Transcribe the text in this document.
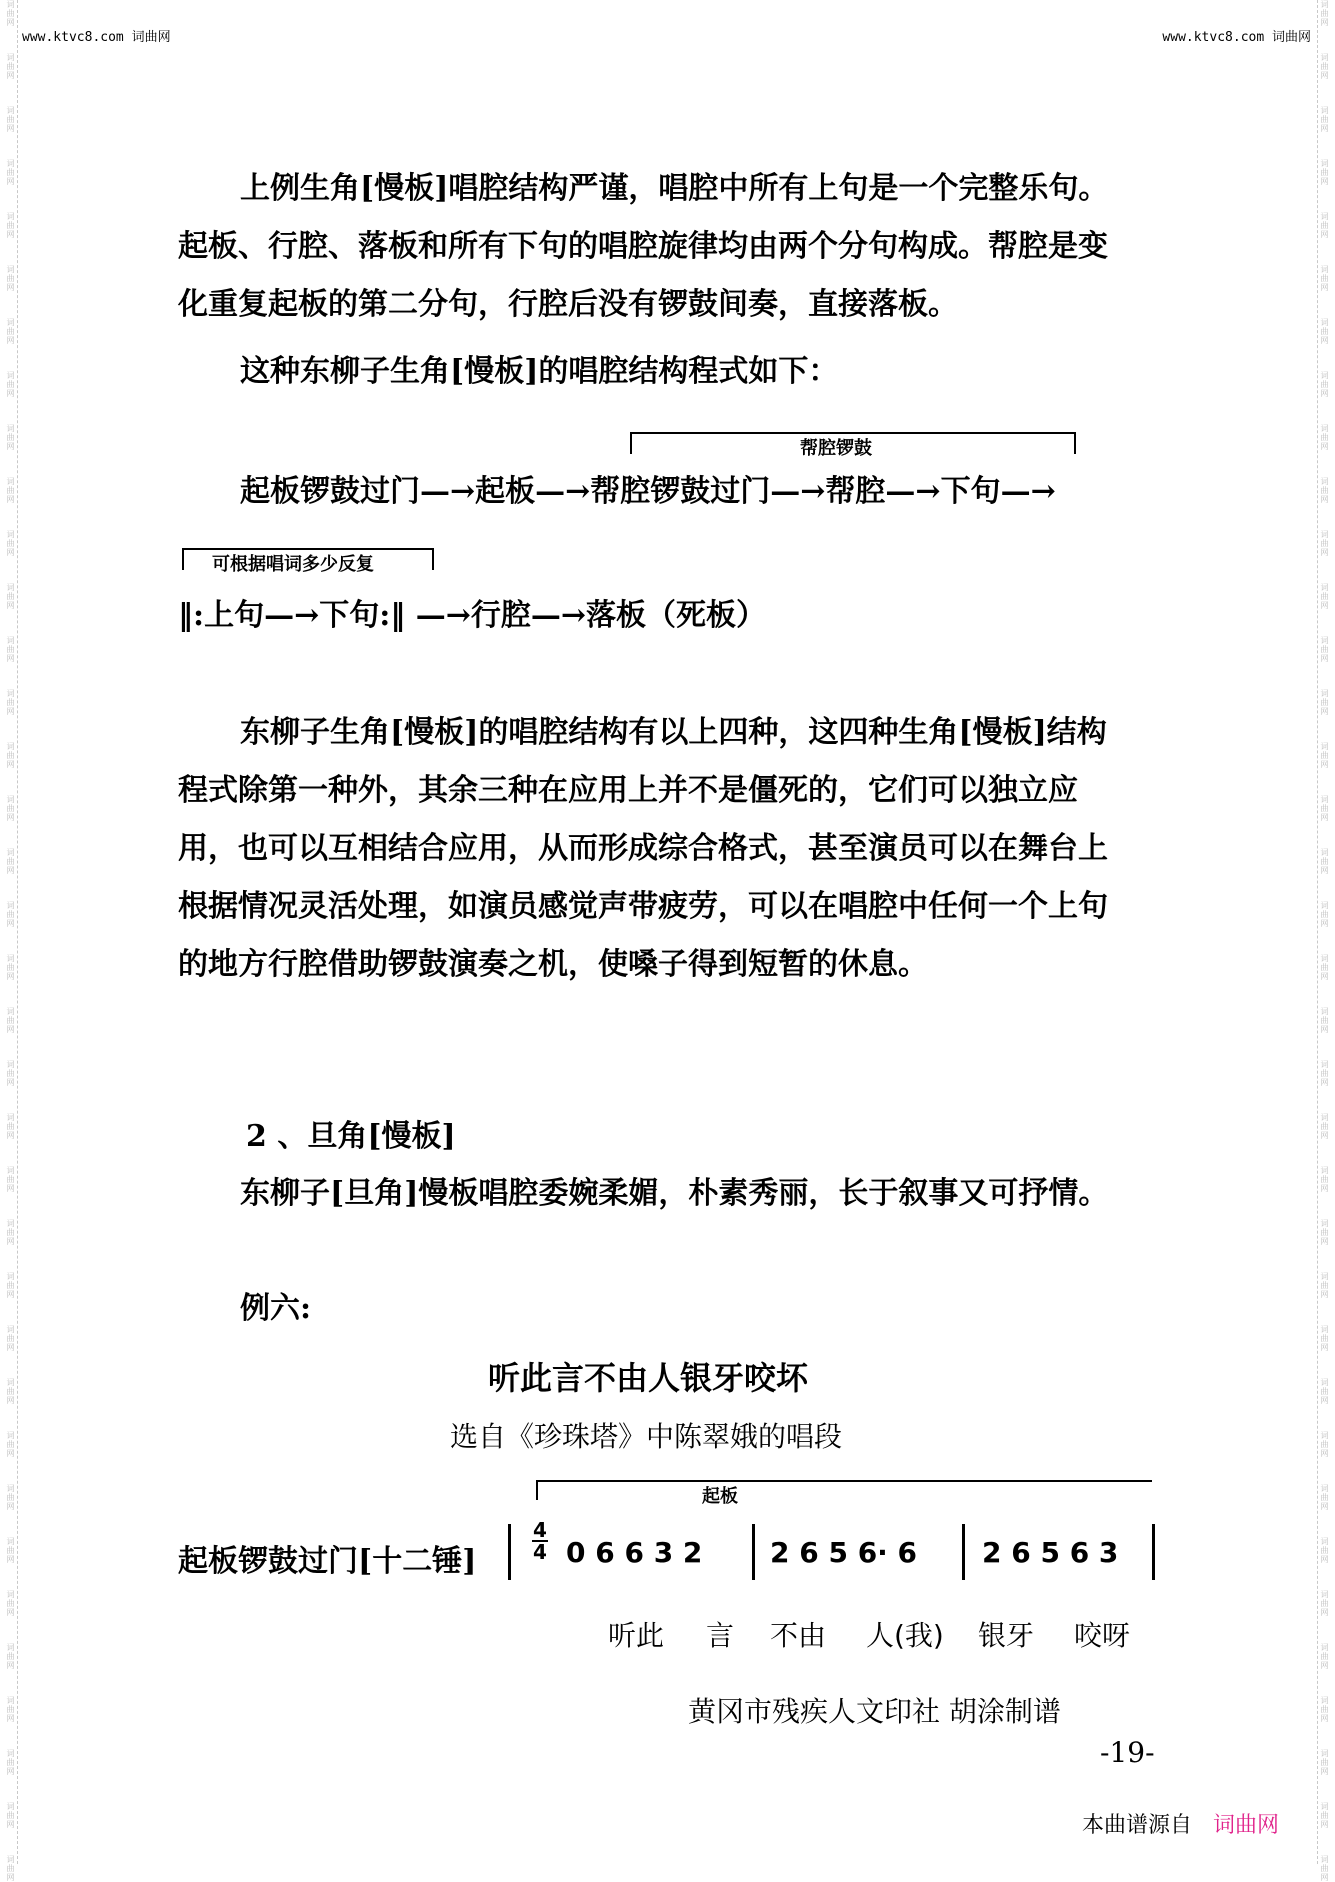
词曲网
词曲网
词曲网
词曲网
词曲网
词曲网
词曲网
词曲网
词曲网
词曲网
词曲网
词曲网
词曲网
词曲网
词曲网
词曲网
词曲网
词曲网
词曲网
词曲网
词曲网
词曲网
词曲网
词曲网
词曲网
词曲网
词曲网
词曲网
词曲网
词曲网
词曲网
词曲网
词曲网
词曲网
词曲网
词曲网
词曲网
词曲网
词曲网
词曲网
词曲网
词曲网
词曲网
词曲网
词曲网
词曲网
词曲网
词曲网
词曲网
词曲网
词曲网
词曲网
词曲网
词曲网
词曲网
词曲网
词曲网
词曲网
词曲网
词曲网
词曲网
词曲网
词曲网
词曲网
词曲网
词曲网
词曲网
词曲网
词曲网
词曲网
词曲网
词曲网
www.ktvc8.com 词曲网	www.ktvc8.com 词曲网

上例生角[慢板]唱腔结构严谨，唱腔中所有上句是一个完整乐句。

起板、行腔、落板和所有下句的唱腔旋律均由两个分句构成。帮腔是变

化重复起板的第二分句，行腔后没有锣鼓间奏，直接落板。

这种东柳子生角[慢板]的唱腔结构程式如下：
帮腔锣鼓
起板锣鼓过门—→起板—→帮腔锣鼓过门—→帮腔—→下句—→
可根据唱词多少反复
‖:上句—→下句:‖ —→行腔—→落板（死板）

东柳子生角[慢板]的唱腔结构有以上四种，这四种生角[慢板]结构

程式除第一种外，其余三种在应用上并不是僵死的，它们可以独立应

用，也可以互相结合应用，从而形成综合格式，甚至演员可以在舞台上

根据情况灵活处理，如演员感觉声带疲劳，可以在唱腔中任何一个上句

的地方行腔借助锣鼓演奏之机，使嗓子得到短暂的休息。

2 、旦角[慢板]
东柳子[旦角]慢板唱腔委婉柔媚，朴素秀丽，长于叙事又可抒情。
例六:
听此言不由人银牙咬坏
选自《珍珠塔》中陈翠娥的唱段
起板
起板锣鼓过门[十二锤]
4
4 0 6 6 3 2 2 6 5 6· 6 2 6 5 6 3
听此 言 不由 人(我) 银牙 咬呀
黄冈市残疾人文印社 胡涂制谱
-19-
本曲谱源自 词曲网
